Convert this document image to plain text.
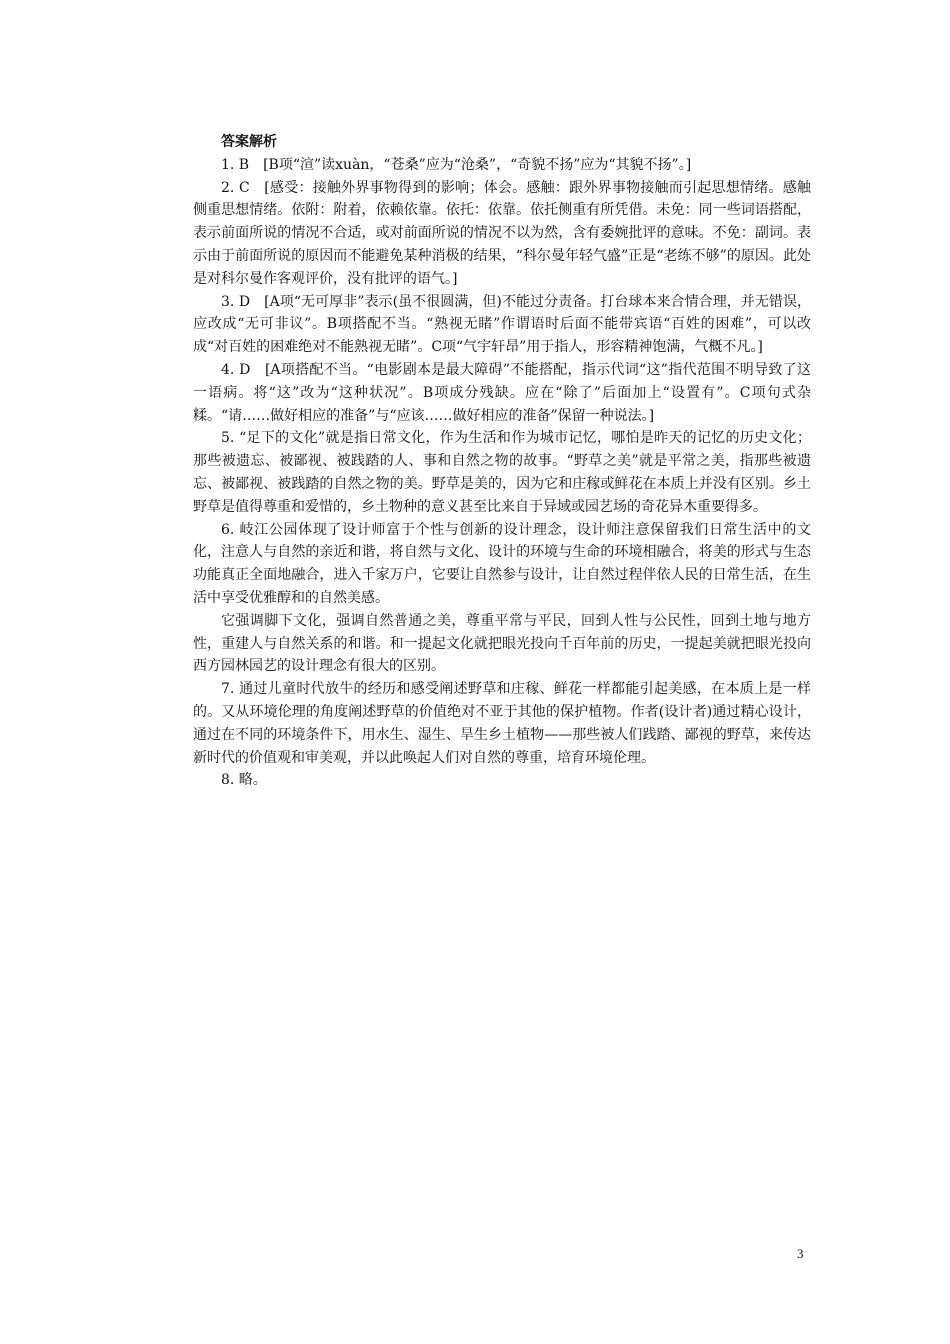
答案解析

1. B　[B项“渲”读xuàn，“苍桑”应为“沧桑”，“奇貌不扬”应为“其貌不扬”。]

2. C　[感受：接触外界事物得到的影响；体会。感触：跟外界事物接触而引起思想情绪。感触侧重思想情绪。依附：附着，依赖依靠。依托：依靠。依托侧重有所凭借。未免：同一些词语搭配，表示前面所说的情况不合适，或对前面所说的情况不以为然，含有委婉批评的意味。不免：副词。表示由于前面所说的原因而不能避免某种消极的结果，“科尔曼年轻气盛”正是“老练不够”的原因。此处是对科尔曼作客观评价，没有批评的语气。]

3. D　[A项“无可厚非”表示(虽不很圆满，但)不能过分责备。打台球本来合情合理，并无错误，应改成“无可非议”。B项搭配不当。“熟视无睹”作谓语时后面不能带宾语“百姓的困难”，可以改成“对百姓的困难绝对不能熟视无睹”。C项“气宇轩昂”用于指人，形容精神饱满，气概不凡。]

4. D　[A项搭配不当。“电影剧本是最大障碍”不能搭配，指示代词“这”指代范围不明导致了这一语病。将“这”改为“这种状况”。B项成分残缺。应在“除了”后面加上“设置有”。C项句式杂糅。“请……做好相应的准备”与“应该……做好相应的准备”保留一种说法。]

5. “足下的文化”就是指日常文化，作为生活和作为城市记忆，哪怕是昨天的记忆的历史文化；那些被遗忘、被鄙视、被践踏的人、事和自然之物的故事。“野草之美”就是平常之美，指那些被遗忘、被鄙视、被践踏的自然之物的美。野草是美的，因为它和庄稼或鲜花在本质上并没有区别。乡土野草是值得尊重和爱惜的，乡土物种的意义甚至比来自于异域或园艺场的奇花异木重要得多。

6. 岐江公园体现了设计师富于个性与创新的设计理念，设计师注意保留我们日常生活中的文化，注意人与自然的亲近和谐，将自然与文化、设计的环境与生命的环境相融合，将美的形式与生态功能真正全面地融合，进入千家万户，它要让自然参与设计，让自然过程伴依人民的日常生活，在生活中享受优雅醇和的自然美感。

它强调脚下文化，强调自然普通之美，尊重平常与平民，回到人性与公民性，回到土地与地方性，重建人与自然关系的和谐。和一提起文化就把眼光投向千百年前的历史，一提起美就把眼光投向西方园林园艺的设计理念有很大的区别。

7. 通过儿童时代放牛的经历和感受阐述野草和庄稼、鲜花一样都能引起美感，在本质上是一样的。又从环境伦理的角度阐述野草的价值绝对不亚于其他的保护植物。作者(设计者)通过精心设计，通过在不同的环境条件下，用水生、湿生、旱生乡土植物——那些被人们践踏、鄙视的野草，来传达新时代的价值观和审美观，并以此唤起人们对自然的尊重，培育环境伦理。

8. 略。

3
